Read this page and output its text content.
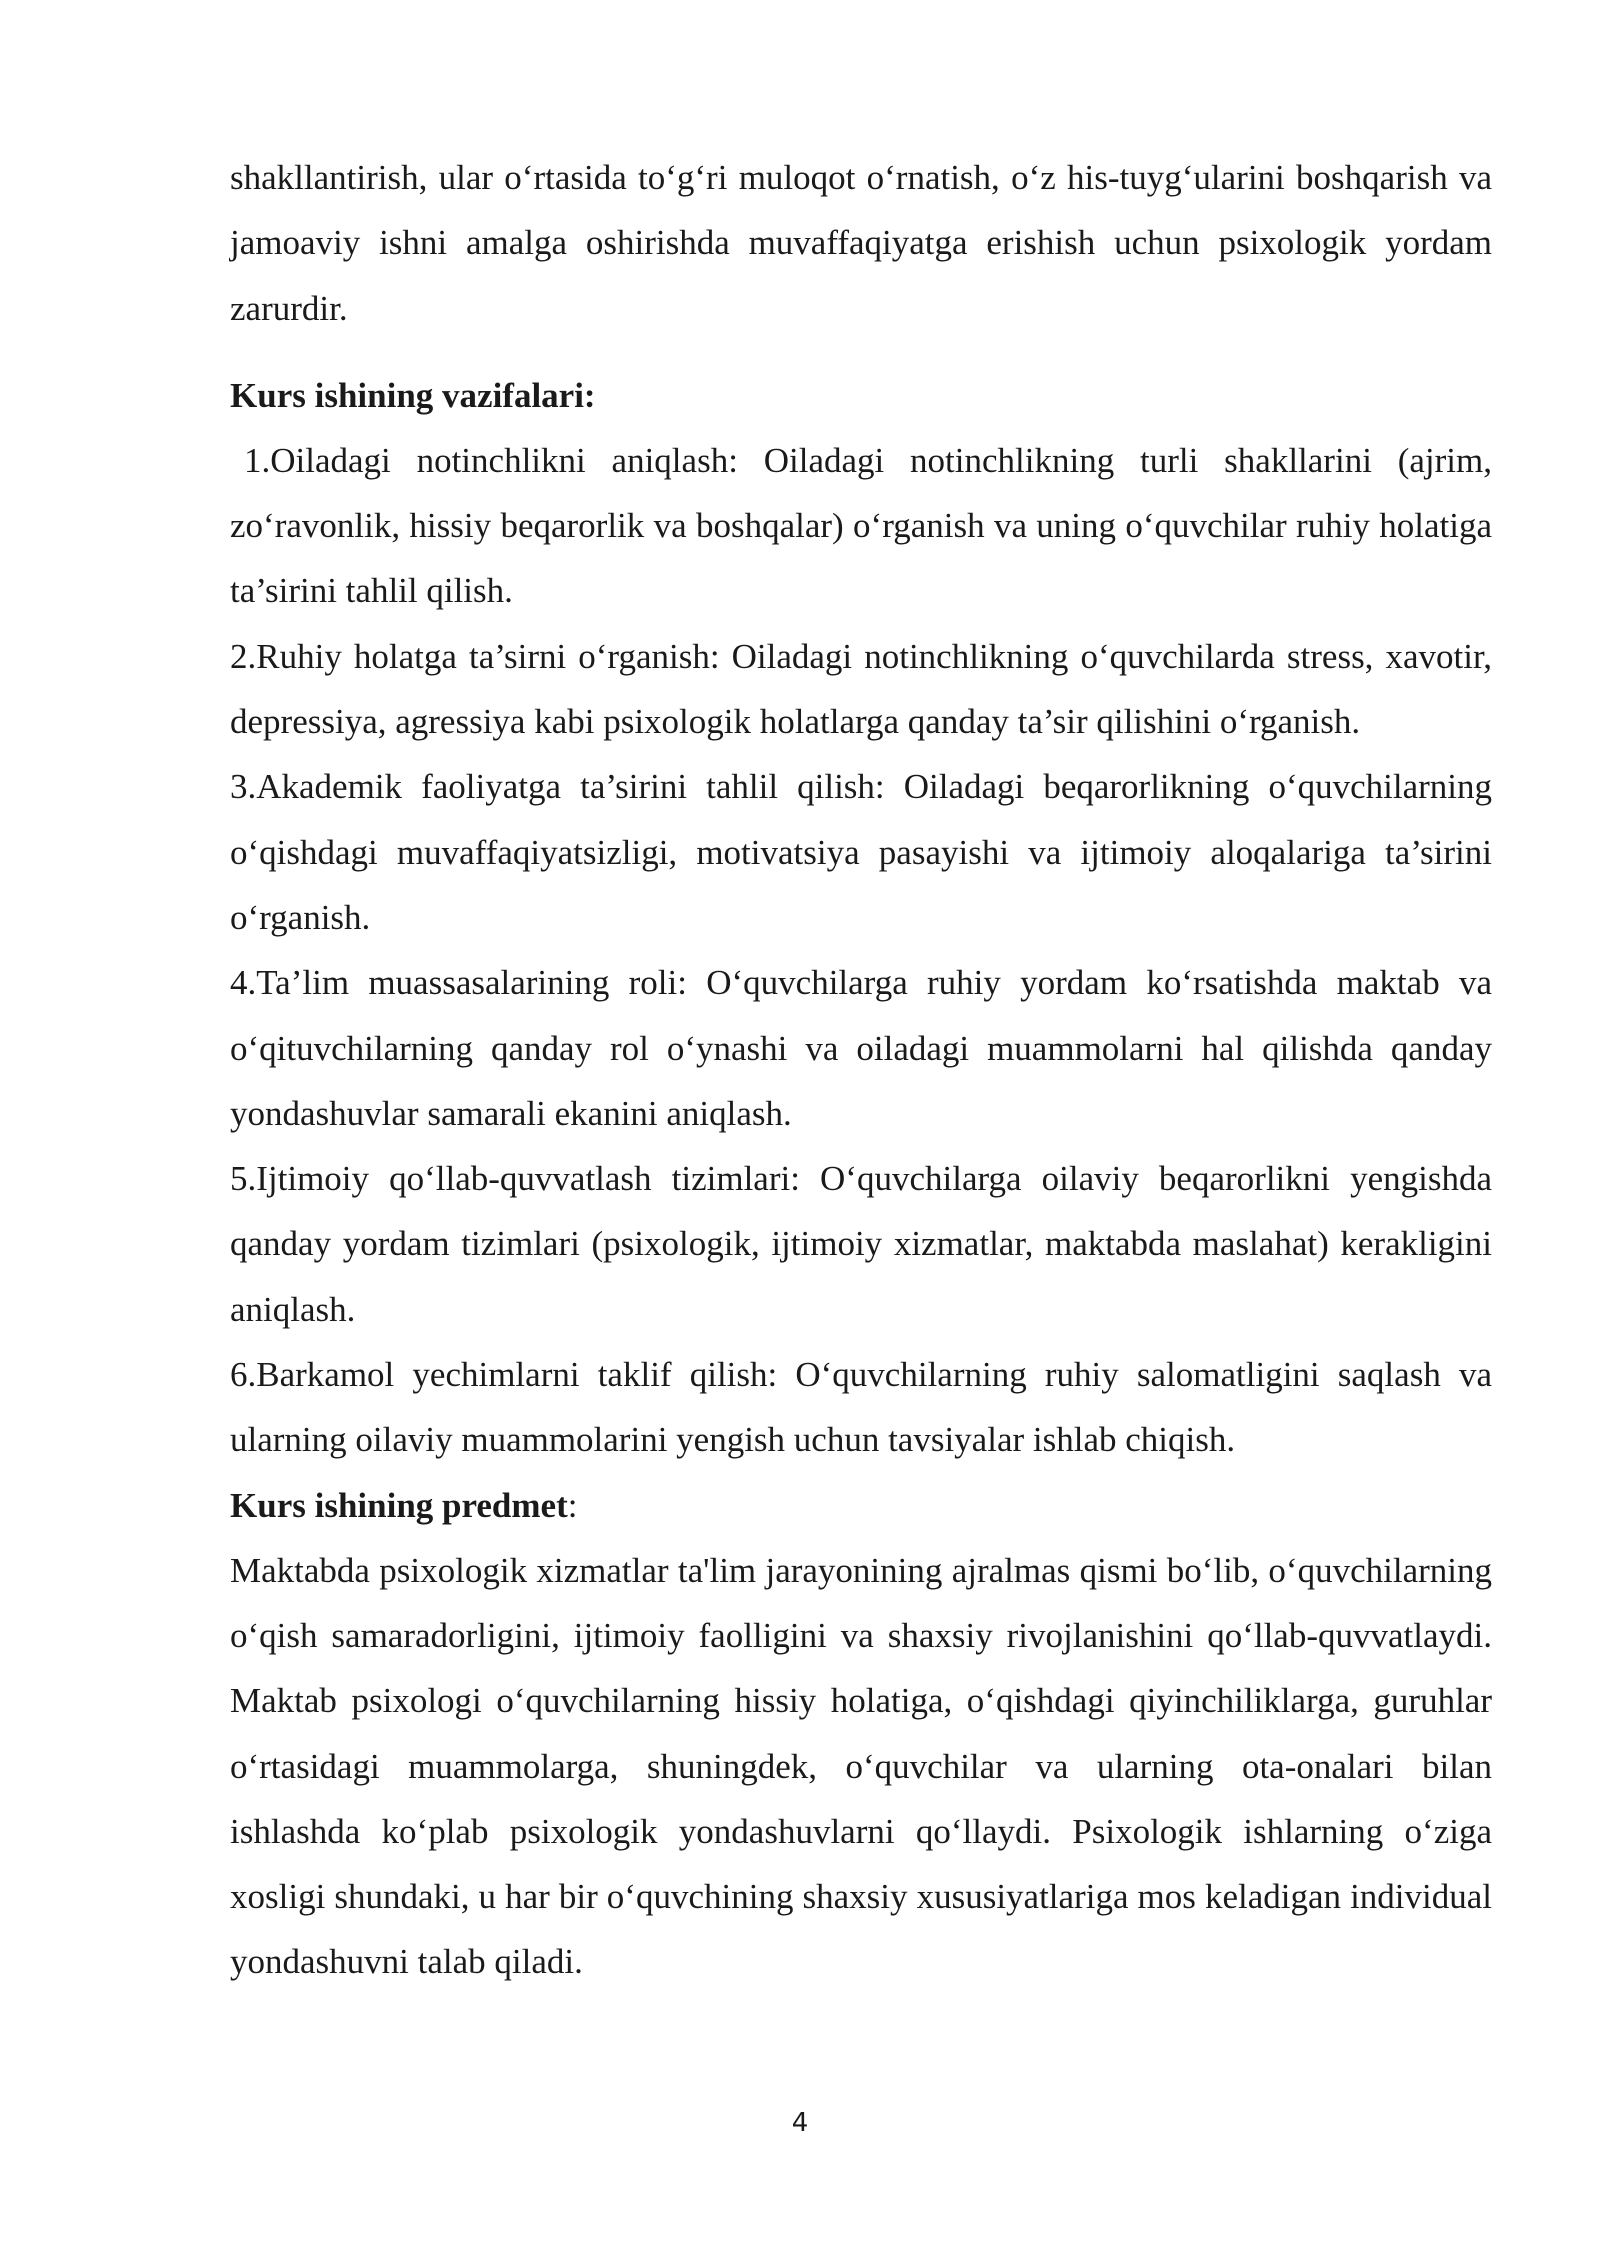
shakllantirish, ular o‘rtasida to‘g‘ri muloqot o‘rnatish, o‘z his-tuyg‘ularini boshqarish va jamoaviy ishni amalga oshirishda muvaffaqiyatga erishish uchun psixologik yordam zarurdir.

Kurs ishining vazifalari:

1.Oiladagi notinchlikni aniqlash: Oiladagi notinchlikning turli shakllarini (ajrim, zo‘ravonlik, hissiy beqarorlik va boshqalar) o‘rganish va uning o‘quvchilar ruhiy holatiga ta’sirini tahlil qilish.

2.Ruhiy holatga ta’sirni o‘rganish: Oiladagi notinchlikning o‘quvchilarda stress, xavotir, depressiya, agressiya kabi psixologik holatlarga qanday ta’sir qilishini o‘rganish.

3.Akademik faoliyatga ta’sirini tahlil qilish: Oiladagi beqarorlikning o‘quvchilarning o‘qishdagi muvaffaqiyatsizligi, motivatsiya pasayishi va ijtimoiy aloqalariga ta’sirini o‘rganish.

4.Ta’lim muassasalarining roli: O‘quvchilarga ruhiy yordam ko‘rsatishda maktab va o‘qituvchilarning qanday rol o‘ynashi va oiladagi muammolarni hal qilishda qanday yondashuvlar samarali ekanini aniqlash.

5.Ijtimoiy qo‘llab-quvvatlash tizimlari: O‘quvchilarga oilaviy beqarorlikni yengishda qanday yordam tizimlari (psixologik, ijtimoiy xizmatlar, maktabda maslahat) kerakligini aniqlash.

6.Barkamol yechimlarni taklif qilish: O‘quvchilarning ruhiy salomatligini saqlash va ularning oilaviy muammolarini yengish uchun tavsiyalar ishlab chiqish.

Kurs ishining predmet:

Maktabda psixologik xizmatlar ta'lim jarayonining ajralmas qismi bo‘lib, o‘quvchilarning o‘qish samaradorligini, ijtimoiy faolligini va shaxsiy rivojlanishini qo‘llab-quvvatlaydi. Maktab psixologi o‘quvchilarning hissiy holatiga, o‘qishdagi qiyinchiliklarga, guruhlar o‘rtasidagi muammolarga, shuningdek, o‘quvchilar va ularning ota-onalari bilan ishlashda ko‘plab psixologik yondashuvlarni qo‘llaydi. Psixologik ishlarning o‘ziga xosligi shundaki, u har bir o‘quvchining shaxsiy xususiyatlariga mos keladigan individual yondashuvni talab qiladi.

4
